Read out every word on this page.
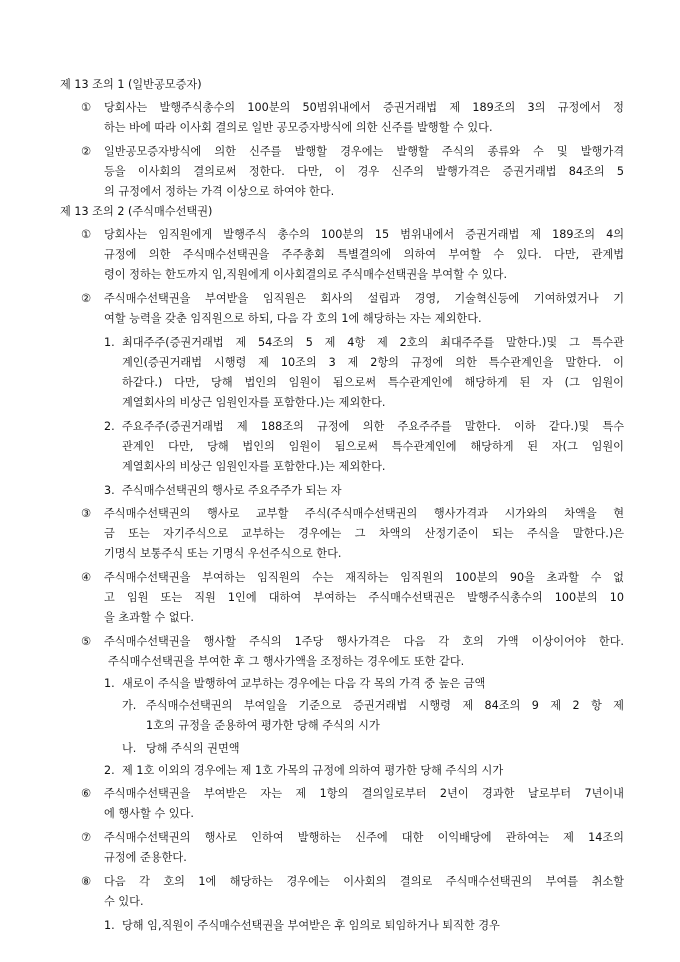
제 13 조의 1 (일반공모증자)
① 당회사는 발행주식총수의 100분의 50범위내에서 증권거래법 제 189조의 3의 규정에서 정
하는 바에 따라 이사회 결의로 일반 공모증자방식에 의한 신주를 발행할 수 있다.
② 일반공모증자방식에 의한 신주를 발행할 경우에는 발행할 주식의 종류와 수 및 발행가격
등을 이사회의 결의로써 정한다. 다만, 이 경우 신주의 발행가격은 증권거래법 84조의 5
의 규정에서 정하는 가격 이상으로 하여야 한다.
제 13 조의 2 (주식매수선택권)
① 당회사는 임직원에게 발행주식 총수의 100분의 15 범위내에서 증권거래법 제 189조의 4의
규정에 의한 주식매수선택권을 주주총회 특별결의에 의하여 부여할 수 있다. 다만, 관계법
령이 정하는 한도까지 임,직원에게 이사회결의로 주식매수선택권을 부여할 수 있다.
② 주식매수선택권을 부여받을 임직원은 회사의 설립과 경영, 기술혁신등에 기여하였거나 기
여할 능력을 갖춘 임직원으로 하되, 다음 각 호의 1에 해당하는 자는 제외한다.
1. 최대주주(증권거래법 제 54조의 5 제 4항 제 2호의 최대주주를 말한다.)및 그 특수관
계인(증권거래법 시행령 제 10조의 3 제 2항의 규정에 의한 특수관계인을 말한다. 이
하같다.) 다만, 당해 법인의 임원이 됨으로써 특수관계인에 해당하게 된 자 (그 임원이
계열회사의 비상근 임원인자를 포함한다.)는 제외한다.
2. 주요주주(증권거래법 제 188조의 규정에 의한 주요주주를 말한다. 이하 같다.)및 특수
관계인 다만, 당해 법인의 임원이 됨으로써 특수관계인에 해당하게 된 자(그 임원이
계열회사의 비상근 임원인자를 포함한다.)는 제외한다.
3. 주식매수선택권의 행사로 주요주주가 되는 자
③ 주식매수선택권의 행사로 교부할 주식(주식매수선택권의 행사가격과 시가와의 차액을 현
금 또는 자기주식으로 교부하는 경우에는 그 차액의 산정기준이 되는 주식을 말한다.)은
기명식 보통주식 또는 기명식 우선주식으로 한다.
④ 주식매수선택권을 부여하는 임직원의 수는 재직하는 임직원의 100분의 90을 초과할 수 없
고 임원 또는 직원 1인에 대하여 부여하는 주식매수선택권은 발행주식총수의 100분의 10
을 초과할 수 없다.
⑤ 주식매수선택권을 행사할 주식의 1주당 행사가격은 다음 각 호의 가액 이상이어야 한다.
주식매수선택권을 부여한 후 그 행사가액을 조정하는 경우에도 또한 같다.
1. 새로이 주식을 발행하여 교부하는 경우에는 다음 각 목의 가격 중 높은 금액
가. 주식매수선택권의 부여일을 기준으로 증권거래법 시행령 제 84조의 9 제 2 항 제
1호의 규정을 준용하여 평가한 당해 주식의 시가
나. 당해 주식의 권면액
2. 제 1호 이외의 경우에는 제 1호 가목의 규정에 의하여 평가한 당해 주식의 시가
⑥ 주식매수선택권을 부여받은 자는 제 1항의 결의일로부터 2년이 경과한 날로부터 7년이내
에 행사할 수 있다.
⑦ 주식매수선택권의 행사로 인하여 발행하는 신주에 대한 이익배당에 관하여는 제 14조의
규정에 준용한다.
⑧ 다음 각 호의 1에 해당하는 경우에는 이사회의 결의로 주식매수선택권의 부여를 취소할
수 있다.
1. 당해 임,직원이 주식매수선택권을 부여받은 후 임의로 퇴임하거나 퇴직한 경우
